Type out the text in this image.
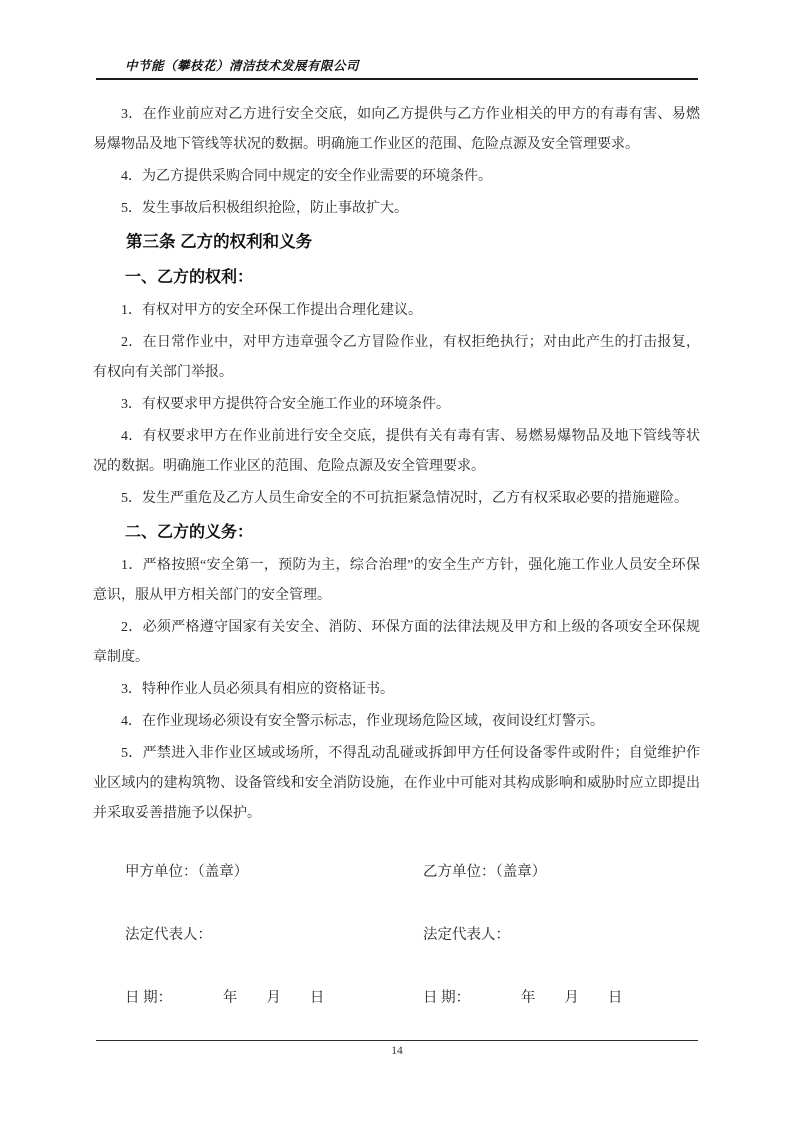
中节能（攀枝花）清洁技术发展有限公司
3．在作业前应对乙方进行安全交底，如向乙方提供与乙方作业相关的甲方的有毒有害、易燃易爆物品及地下管线等状况的数据。明确施工作业区的范围、危险点源及安全管理要求。
4．为乙方提供采购合同中规定的安全作业需要的环境条件。
5．发生事故后积极组织抢险，防止事故扩大。
第三条 乙方的权利和义务
一、乙方的权利：
1．有权对甲方的安全环保工作提出合理化建议。
2．在日常作业中，对甲方违章强令乙方冒险作业，有权拒绝执行；对由此产生的打击报复，有权向有关部门举报。
3．有权要求甲方提供符合安全施工作业的环境条件。
4．有权要求甲方在作业前进行安全交底，提供有关有毒有害、易燃易爆物品及地下管线等状况的数据。明确施工作业区的范围、危险点源及安全管理要求。
5．发生严重危及乙方人员生命安全的不可抗拒紧急情况时，乙方有权采取必要的措施避险。
二、乙方的义务：
1．严格按照“安全第一，预防为主，综合治理”的安全生产方针，强化施工作业人员安全环保意识，服从甲方相关部门的安全管理。
2．必须严格遵守国家有关安全、消防、环保方面的法律法规及甲方和上级的各项安全环保规章制度。
3．特种作业人员必须具有相应的资格证书。
4．在作业现场必须设有安全警示标志，作业现场危险区域，夜间设红灯警示。
5．严禁进入非作业区域或场所，不得乱动乱碰或拆卸甲方任何设备零件或附件；自觉维护作业区域内的建构筑物、设备管线和安全消防设施，在作业中可能对其构成影响和威胁时应立即提出并采取妥善措施予以保护。
甲方单位：（盖章）	乙方单位：（盖章）
法定代表人：	法定代表人：
日 期：　　　　年　　月　　日	日 期：　　　　年　　月　　日
14
